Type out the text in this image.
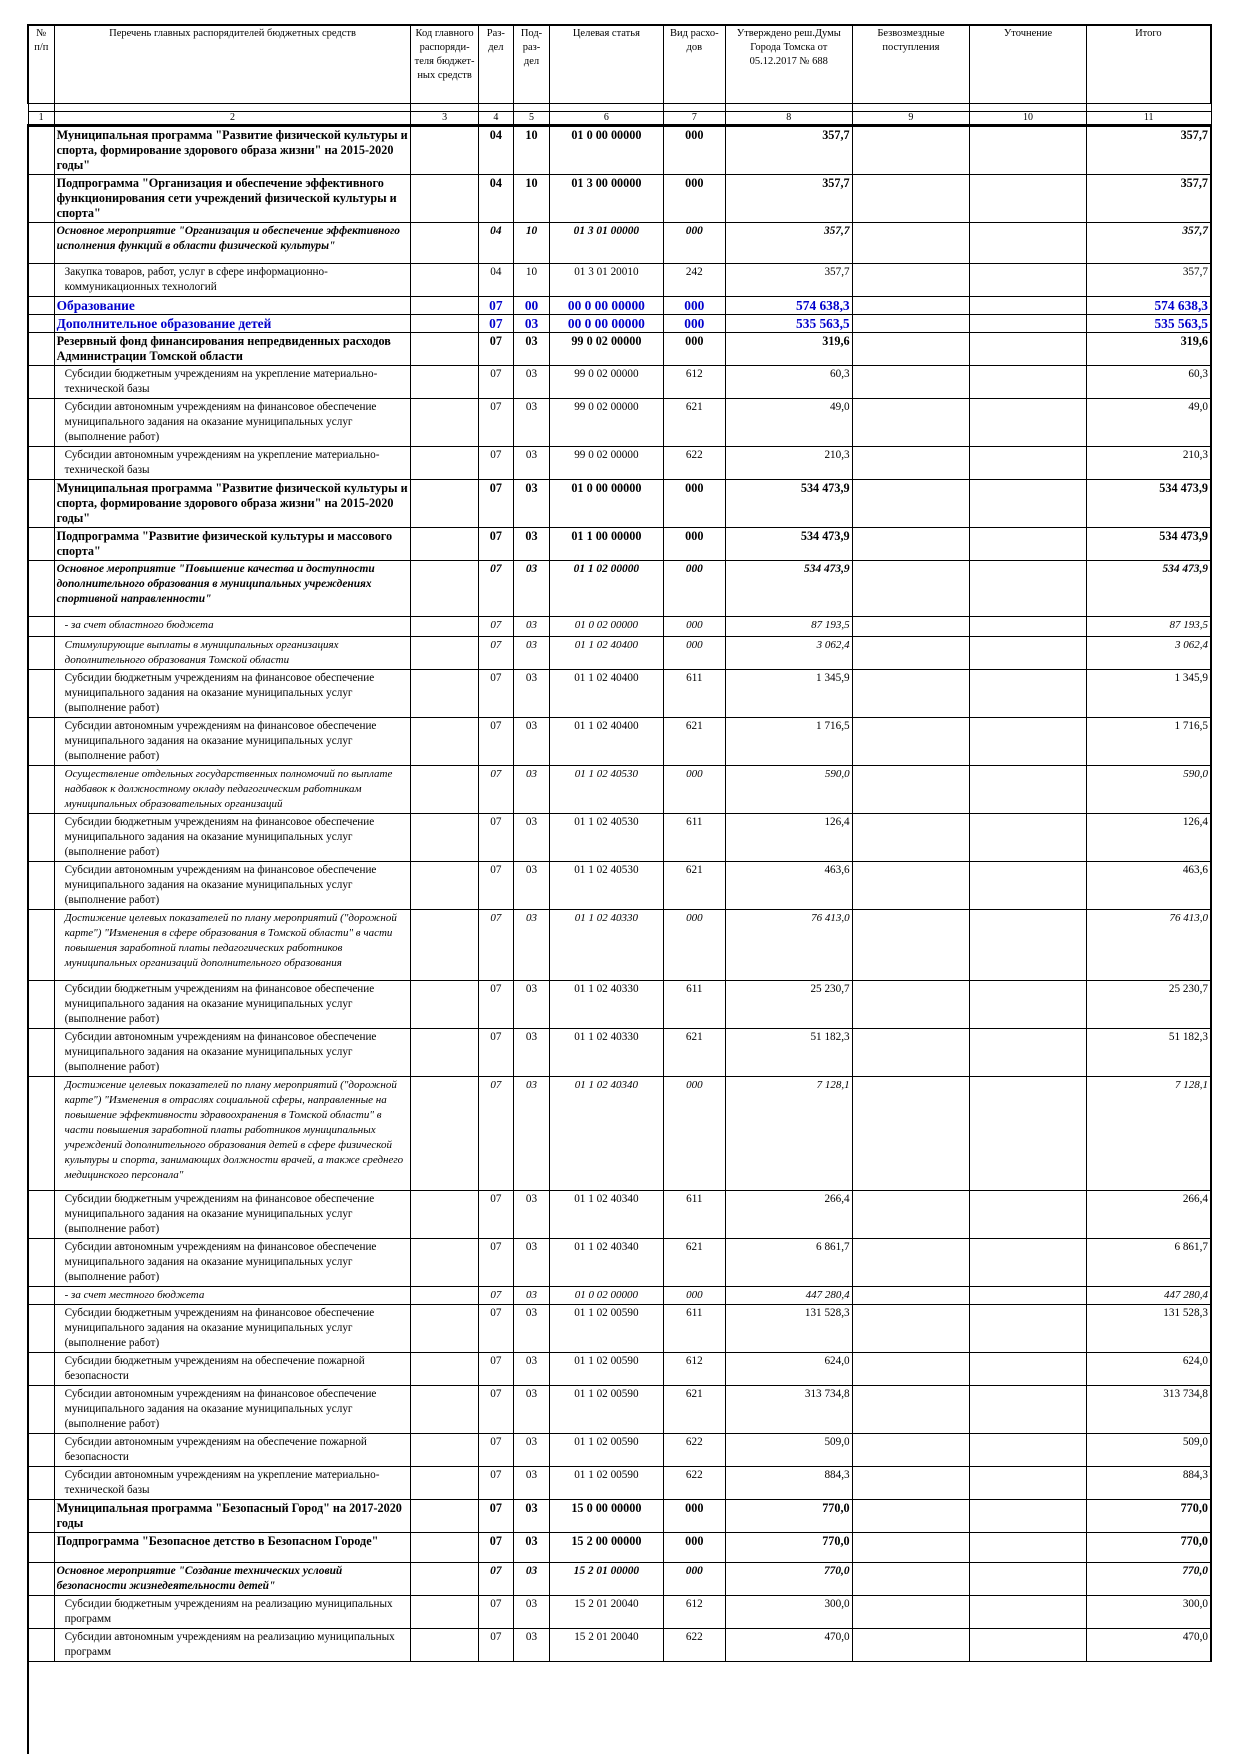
№ п/п	Перечень главных распорядителей бюджетных средств	Код главного распоряди-теля бюджет-ных средств	Раз-дел	Под-раз-дел	Целевая статья	Вид расхо-дов	Утверждено реш.Думы Города Томска от 05.12.2017 № 688	Безвозмездные поступления	Уточнение	Итого

1	2	3	4	5	6	7	8	9	10	11
	Муниципальная программа "Развитие физической культуры и спорта, формирование здорового образа жизни" на 2015-2020 годы"		04	10	01 0 00 00000	000	357,7			357,7
	Подпрограмма "Организация и обеспечение эффективного функционирования сети учреждений физической культуры и спорта"		04	10	01 3 00 00000	000	357,7			357,7
	Основное мероприятие "Организация и обеспечение эффективного исполнения функций в области физической культуры"		04	10	01 3 01 00000	000	357,7			357,7
	Закупка товаров, работ, услуг в сфере информационно-коммуникационных технологий		04	10	01 3 01 20010	242	357,7			357,7
	Образование		07	00	00 0 00 00000	000	574 638,3			574 638,3
	Дополнительное образование детей		07	03	00 0 00 00000	000	535 563,5			535 563,5
	Резервный фонд финансирования непредвиденных расходов Администрации Томской области		07	03	99 0 02 00000	000	319,6			319,6
	Субсидии бюджетным учреждениям на укрепление материально-технической базы		07	03	99 0 02 00000	612	60,3			60,3
	Субсидии автономным учреждениям на финансовое обеспечение муниципального задания на оказание муниципальных услуг (выполнение работ)		07	03	99 0 02 00000	621	49,0			49,0
	Субсидии автономным учреждениям на укрепление материально-технической базы		07	03	99 0 02 00000	622	210,3			210,3
	Муниципальная программа "Развитие физической культуры и спорта, формирование здорового образа жизни" на 2015-2020 годы"		07	03	01 0 00 00000	000	534 473,9			534 473,9
	Подпрограмма "Развитие физической культуры и массового спорта"		07	03	01 1 00 00000	000	534 473,9			534 473,9
	Основное мероприятие "Повышение качества и доступности дополнительного образования в муниципальных учреждениях спортивной направленности"		07	03	01 1 02 00000	000	534 473,9			534 473,9
	- за счет областного бюджета		07	03	01 0 02 00000	000	87 193,5			87 193,5
	Стимулирующие выплаты в муниципальных организациях дополнительного образования Томской области		07	03	01 1 02 40400	000	3 062,4			3 062,4
	Субсидии бюджетным учреждениям на финансовое обеспечение муниципального задания на оказание муниципальных услуг (выполнение работ)		07	03	01 1 02 40400	611	1 345,9			1 345,9
	Субсидии автономным учреждениям на финансовое обеспечение муниципального задания на оказание муниципальных услуг (выполнение работ)		07	03	01 1 02 40400	621	1 716,5			1 716,5
	Осуществление отдельных государственных полномочий по выплате надбавок к должностному окладу педагогическим работникам муниципальных образовательных организаций		07	03	01 1 02 40530	000	590,0			590,0
	Субсидии бюджетным учреждениям на финансовое обеспечение муниципального задания на оказание муниципальных услуг (выполнение работ)		07	03	01 1 02 40530	611	126,4			126,4
	Субсидии автономным учреждениям на финансовое обеспечение муниципального задания на оказание муниципальных услуг (выполнение работ)		07	03	01 1 02 40530	621	463,6			463,6
	Достижение целевых показателей по плану мероприятий ("дорожной карте") "Изменения в сфере образования в Томской области" в части повышения заработной платы педагогических работников муниципальных организаций дополнительного образования		07	03	01 1 02 40330	000	76 413,0			76 413,0
	Субсидии бюджетным учреждениям на финансовое обеспечение муниципального задания на оказание муниципальных услуг (выполнение работ)		07	03	01 1 02 40330	611	25 230,7			25 230,7
	Субсидии автономным учреждениям на финансовое обеспечение муниципального задания на оказание муниципальных услуг (выполнение работ)		07	03	01 1 02 40330	621	51 182,3			51 182,3
	Достижение целевых показателей по плану мероприятий ("дорожной карте") "Изменения в отраслях социальной сферы, направленные на повышение эффективности здравоохранения в Томской области" в части повышения заработной платы работников муниципальных учреждений дополнительного образования детей в сфере физической культуры и спорта, занимающих должности врачей, а также среднего медицинского персонала"		07	03	01 1 02 40340	000	7 128,1			7 128,1
	Субсидии бюджетным учреждениям на финансовое обеспечение муниципального задания на оказание муниципальных услуг (выполнение работ)		07	03	01 1 02 40340	611	266,4			266,4
	Субсидии автономным учреждениям на финансовое обеспечение муниципального задания на оказание муниципальных услуг (выполнение работ)		07	03	01 1 02 40340	621	6 861,7			6 861,7
	- за счет местного бюджета		07	03	01 0 02 00000	000	447 280,4			447 280,4
	Субсидии бюджетным учреждениям на финансовое обеспечение муниципального задания на оказание муниципальных услуг (выполнение работ)		07	03	01 1 02 00590	611	131 528,3			131 528,3
	Субсидии бюджетным учреждениям на обеспечение пожарной безопасности		07	03	01 1 02 00590	612	624,0			624,0
	Субсидии автономным учреждениям на финансовое обеспечение муниципального задания на оказание муниципальных услуг (выполнение работ)		07	03	01 1 02 00590	621	313 734,8			313 734,8
	Субсидии автономным учреждениям на обеспечение пожарной безопасности		07	03	01 1 02 00590	622	509,0			509,0
	Субсидии автономным учреждениям на укрепление материально-технической базы		07	03	01 1 02 00590	622	884,3			884,3
	Муниципальная программа "Безопасный Город" на 2017-2020 годы		07	03	15 0 00 00000	000	770,0			770,0
	Подпрограмма "Безопасное детство в Безопасном Городе"		07	03	15 2 00 00000	000	770,0			770,0
	Основное мероприятие "Создание технических условий безопасности жизнедеятельности детей"		07	03	15 2 01 00000	000	770,0			770,0
	Субсидии бюджетным учреждениям на реализацию муниципальных программ		07	03	15 2 01 20040	612	300,0			300,0
	Субсидии автономным учреждениям на реализацию муниципальных программ		07	03	15 2 01 20040	622	470,0			470,0
